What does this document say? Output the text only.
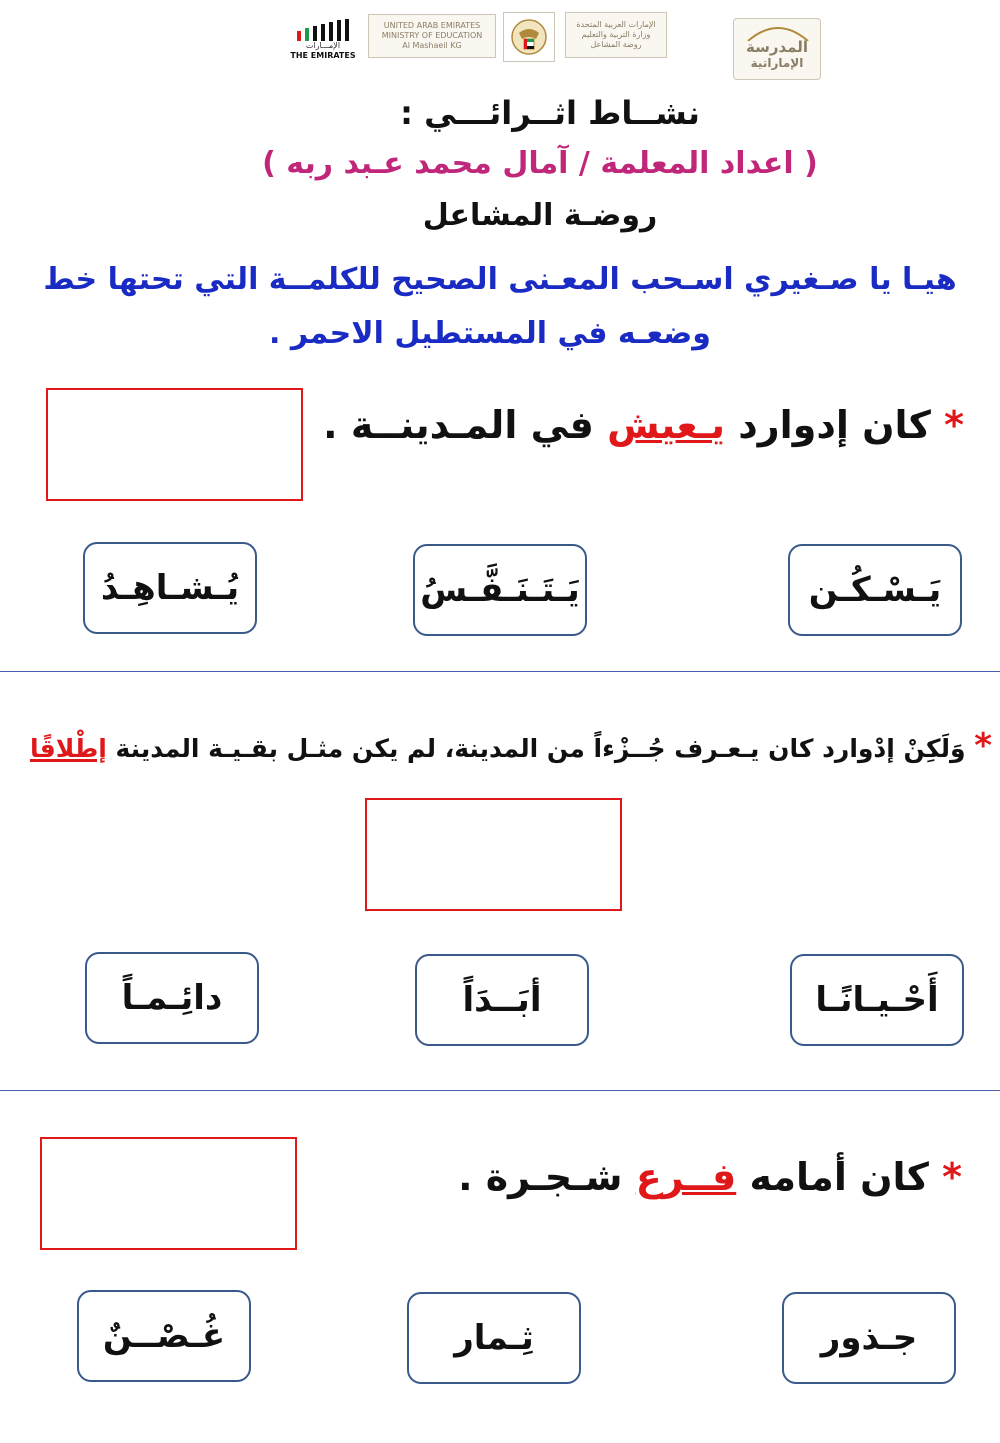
الإمـــارات
THE EMIRATES
UNITED ARAB EMIRATES
MINISTRY OF EDUCATION
Al Mashaeil KG
الإمارات العربية المتحدة
وزارة التربية والتعليم
روضة المشاعل	المدرسة
الإماراتية
نشــاط اثــرائـــي :
( اعداد المعلمة / آمال محمد عـبد ربه )
روضـة المشاعل
هيـا يا صـغيري اسـحب المعـنى الصحيح للكلمــة التي تحتها خط
وضعـه في المستطيل الاحمر .
* كان إدوارد يـعيش في المـدينــة .
يَـسْـكُـن
يَـتَـنَـفَّـسُ
يُـشـاهِـدُ
* وَلَكِنْ إدْوارد كان يـعـرف جُــزْءاً من المدينة، لم يكن مثـل بقـيـة المدينة إطْلاقًا
أَحْـيـانًـا
أبَــدَاً
دائِـمـاً
* كان أمامه فــرع شـجـرة .
جـذور
ثِـمار
غُـصْــنٌ
